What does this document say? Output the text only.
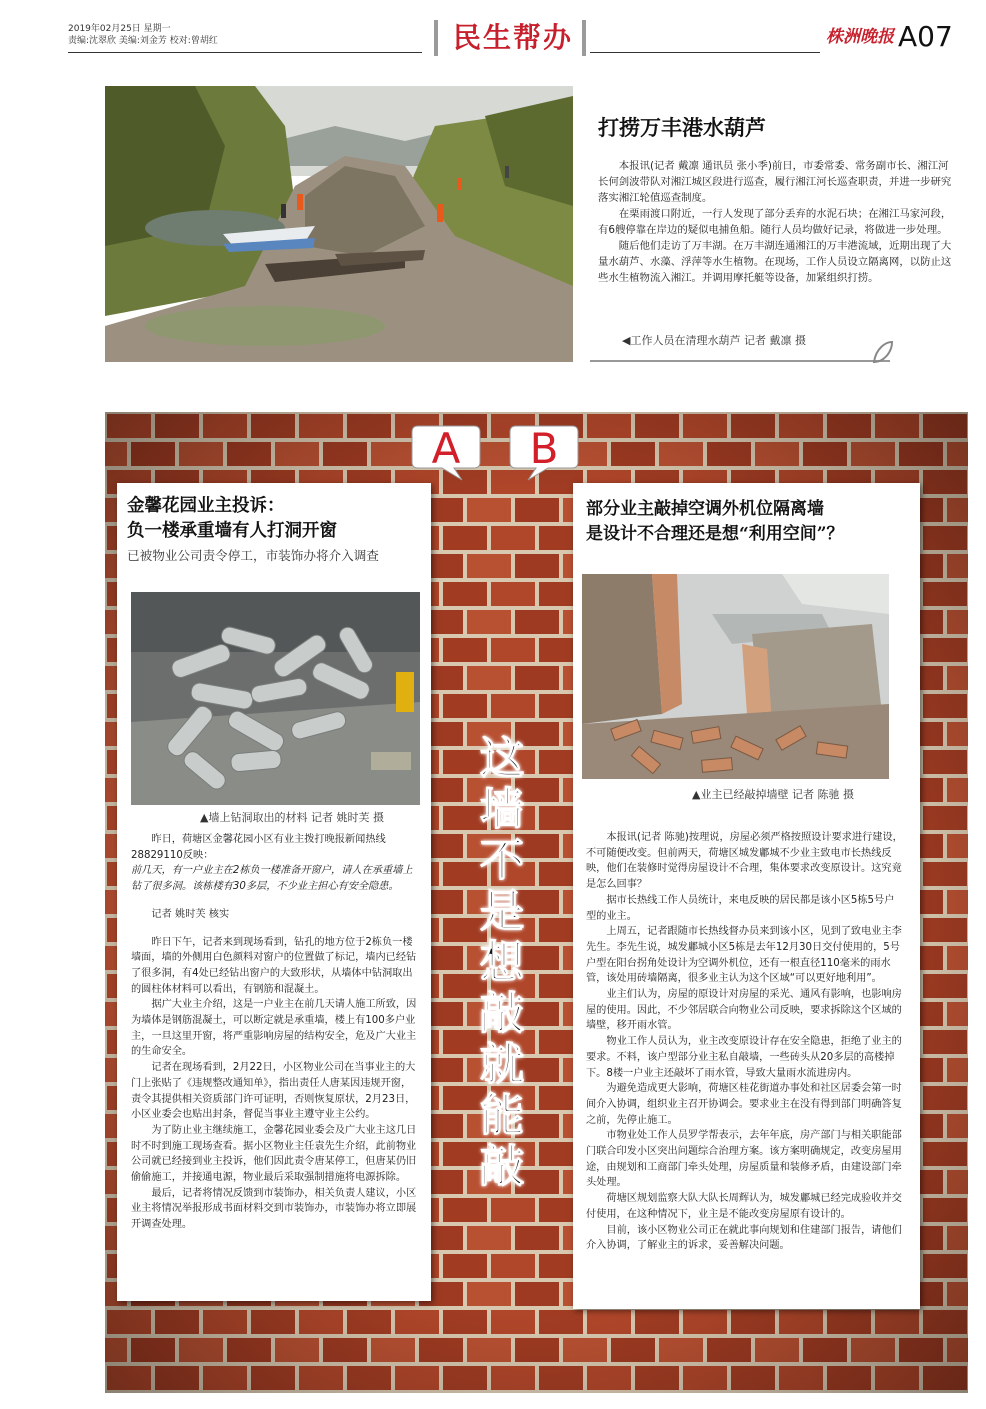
2019年02月25日 星期一
责编:沈翠欣 美编:刘金芳 校对:曾胡红	民生帮办	株洲晚报 A07
打捞万丰港水葫芦

本报讯(记者 戴凛 通讯员 张小季)前日，市委常委、常务副市长、湘江河长何剑波带队对湘江城区段进行巡查，履行湘江河长巡查职责，并进一步研究落实湘江轮值巡查制度。

在栗雨渡口附近，一行人发现了部分丢弃的水泥石块；在湘江马家河段，有6艘停靠在岸边的疑似电捕鱼船。随行人员均做好记录，将做进一步处理。

随后他们走访了万丰湖。在万丰湖连通湘江的万丰港流域，近期出现了大量水葫芦、水藻、浮萍等水生植物。在现场，工作人员设立隔离网，以防止这些水生植物流入湘江。并调用摩托艇等设备，加紧组织打捞。

◀工作人员在清理水葫芦 记者 戴凛 摄
A B
金馨花园业主投诉：
负一楼承重墙有人打洞开窗
已被物业公司责令停工，市装饰办将介入调查
▲墙上钻洞取出的材料 记者 姚时芙 摄

昨日，荷塘区金馨花园小区有业主拨打晚报新闻热线28829110反映：

前几天，有一户业主在2栋负一楼准备开窗户，请人在承重墙上钻了很多洞。该栋楼有30多层，不少业主担心有安全隐患。

记者 姚时芙 核实

昨日下午，记者来到现场看到，钻孔的地方位于2栋负一楼墙面，墙的外侧用白色颜料对窗户的位置做了标记，墙内已经钻了很多洞，有4处已经钻出窗户的大致形状，从墙体中钻洞取出的圆柱体材料可以看出，有钢筋和混凝土。

据广大业主介绍，这是一户业主在前几天请人施工所致，因为墙体是钢筋混凝土，可以断定就是承重墙，楼上有100多户业主，一旦这里开窗，将严重影响房屋的结构安全，危及广大业主的生命安全。

记者在现场看到，2月22日，小区物业公司在当事业主的大门上张贴了《违规整改通知单》，指出责任人唐某因违规开窗，责令其提供相关资质部门许可证明，否则恢复原状，2月23日，小区业委会也贴出封条，督促当事业主遵守业主公约。

为了防止业主继续施工，金馨花园业委会及广大业主这几日时不时到施工现场查看。据小区物业主任袁先生介绍，此前物业公司就已经接到业主投诉，他们因此责令唐某停工，但唐某仍旧偷偷施工，并接通电源，物业最后采取强制措施将电源拆除。

最后，记者将情况反馈到市装饰办，相关负责人建议，小区业主将情况举报形成书面材料交到市装饰办，市装饰办将立即展开调查处理。

这
墙
不
是
想
敲
就
能
敲
部分业主敲掉空调外机位隔离墙
是设计不合理还是想“利用空间”？
▲业主已经敲掉墙壁 记者 陈驰 摄

本报讯(记者 陈驰)按理说，房屋必须严格按照设计要求进行建设，不可随便改变。但前两天，荷塘区城发鄘城不少业主致电市长热线反映，他们在装修时觉得房屋设计不合理，集体要求改变原设计。这究竟是怎么回事？

据市长热线工作人员统计，来电反映的居民都是该小区5栋5号户型的业主。

上周五，记者跟随市长热线督办员来到该小区，见到了致电业主李先生。李先生说，城发鄘城小区5栋是去年12月30日交付使用的，5号户型在阳台拐角处设计为空调外机位，还有一根直径110毫米的雨水管，该处用砖墙隔离，很多业主认为这个区域“可以更好地利用”。

业主们认为，房屋的原设计对房屋的采光、通风有影响，也影响房屋的使用。因此，不少邻居联合向物业公司反映，要求拆除这个区域的墙壁，移开雨水管。

物业工作人员认为，业主改变原设计存在安全隐患，拒绝了业主的要求。不料，该户型部分业主私自敲墙，一些砖头从20多层的高楼掉下。8楼一户业主还敲坏了雨水管，导致大量雨水流进房内。

为避免造成更大影响，荷塘区桂花街道办事处和社区居委会第一时间介入协调，组织业主召开协调会。要求业主在没有得到部门明确答复之前，先停止施工。

市物业处工作人员罗学帮表示，去年年底，房产部门与相关职能部门联合印发小区突出问题综合治理方案。该方案明确规定，改变房屋用途，由规划和工商部门牵头处理，房屋质量和装修矛盾，由建设部门牵头处理。

荷塘区规划监察大队大队长周辉认为，城发鄘城已经完成验收并交付使用，在这种情况下，业主是不能改变房屋原有设计的。

目前，该小区物业公司正在就此事向规划和住建部门报告，请他们介入协调，了解业主的诉求，妥善解决问题。
